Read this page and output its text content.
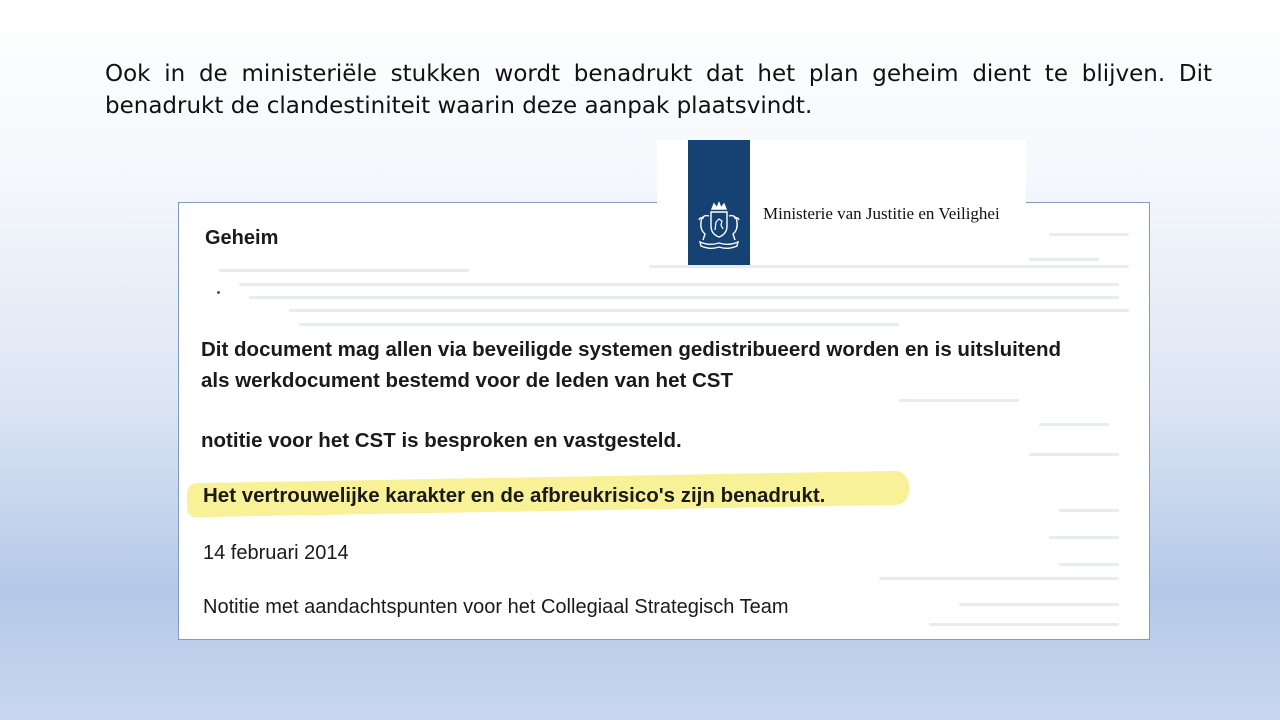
Ook in de ministeriële stukken wordt benadrukt dat het plan geheim dient te blijven. Dit benadrukt de clandestiniteit waarin deze aanpak plaatsvindt.

Geheim

Dit document mag allen via beveiligde systemen gedistribueerd worden en is uitsluitend
als werkdocument bestemd voor de leden van het CST

notitie voor het CST is besproken en vastgesteld.

Het vertrouwelijke karakter en de afbreukrisico's zijn benadrukt.

14 februari 2014

Notitie met aandachtspunten voor het Collegiaal Strategisch Team

Ministerie van Justitie en Veilighei
